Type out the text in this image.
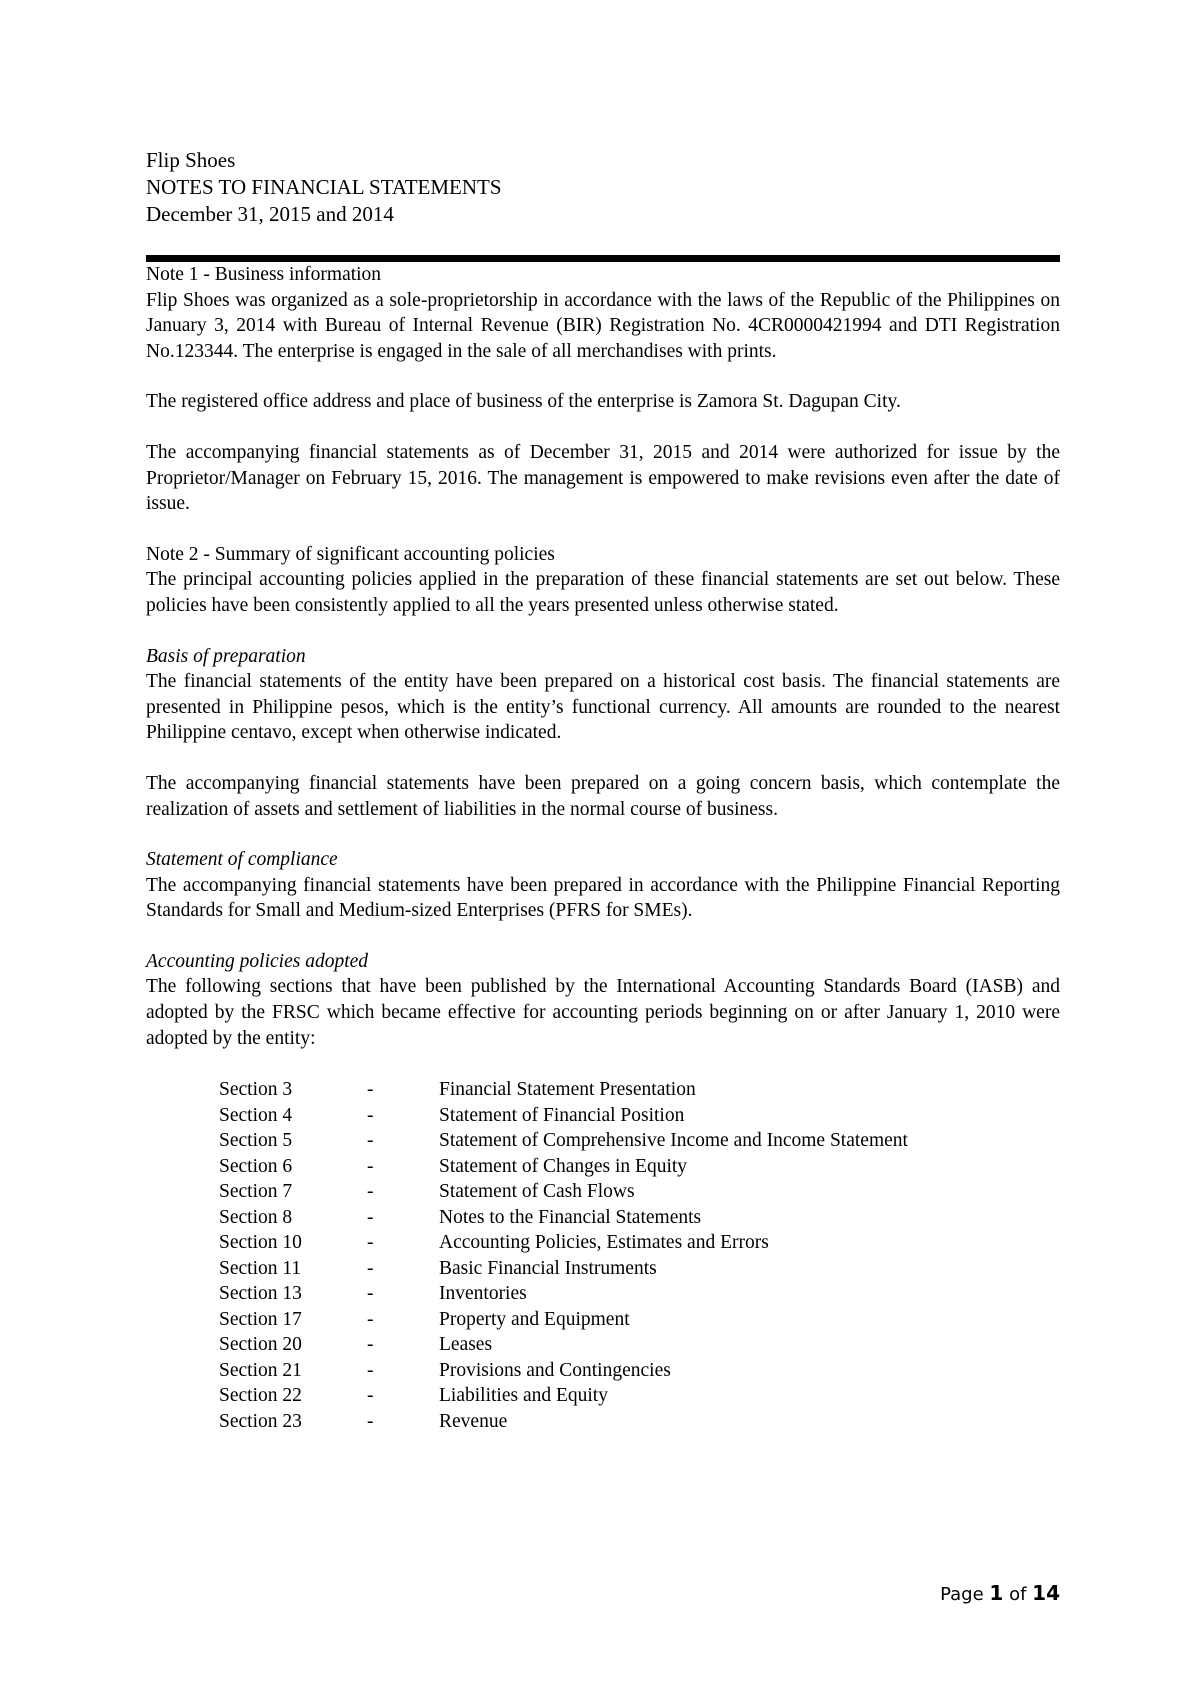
Flip Shoes
NOTES TO FINANCIAL STATEMENTS
December 31, 2015 and 2014

Note 1 - Business information

Flip Shoes was organized as a sole-proprietorship in accordance with the laws of the Republic of the Philippines on January 3, 2014 with Bureau of Internal Revenue (BIR) Registration No. 4CR0000421994 and DTI Registration No.123344. The enterprise is engaged in the sale of all merchandises with prints.

The registered office address and place of business of the enterprise is Zamora St. Dagupan City.

The accompanying financial statements as of December 31, 2015 and 2014 were authorized for issue by the Proprietor/Manager on February 15, 2016. The management is empowered to make revisions even after the date of issue.

Note 2 - Summary of significant accounting policies

The principal accounting policies applied in the preparation of these financial statements are set out below. These policies have been consistently applied to all the years presented unless otherwise stated.

Basis of preparation

The financial statements of the entity have been prepared on a historical cost basis. The financial statements are presented in Philippine pesos, which is the entity’s functional currency. All amounts are rounded to the nearest Philippine centavo, except when otherwise indicated.

The accompanying financial statements have been prepared on a going concern basis, which contemplate the realization of assets and settlement of liabilities in the normal course of business.

Statement of compliance

The accompanying financial statements have been prepared in accordance with the Philippine Financial Reporting Standards for Small and Medium-sized Enterprises (PFRS for SMEs).

Accounting policies adopted

The following sections that have been published by the International Accounting Standards Board (IASB) and adopted by the FRSC which became effective for accounting periods beginning on or after January 1, 2010 were adopted by the entity:

Section 3	-	Financial Statement Presentation
Section 4	-	Statement of Financial Position
Section 5	-	Statement of Comprehensive Income and Income Statement
Section 6	-	Statement of Changes in Equity
Section 7	-	Statement of Cash Flows
Section 8	-	Notes to the Financial Statements
Section 10	-	Accounting Policies, Estimates and Errors
Section 11	-	Basic Financial Instruments
Section 13	-	Inventories
Section 17	-	Property and Equipment
Section 20	-	Leases
Section 21	-	Provisions and Contingencies
Section 22	-	Liabilities and Equity
Section 23	-	Revenue
Page 1 of 14
